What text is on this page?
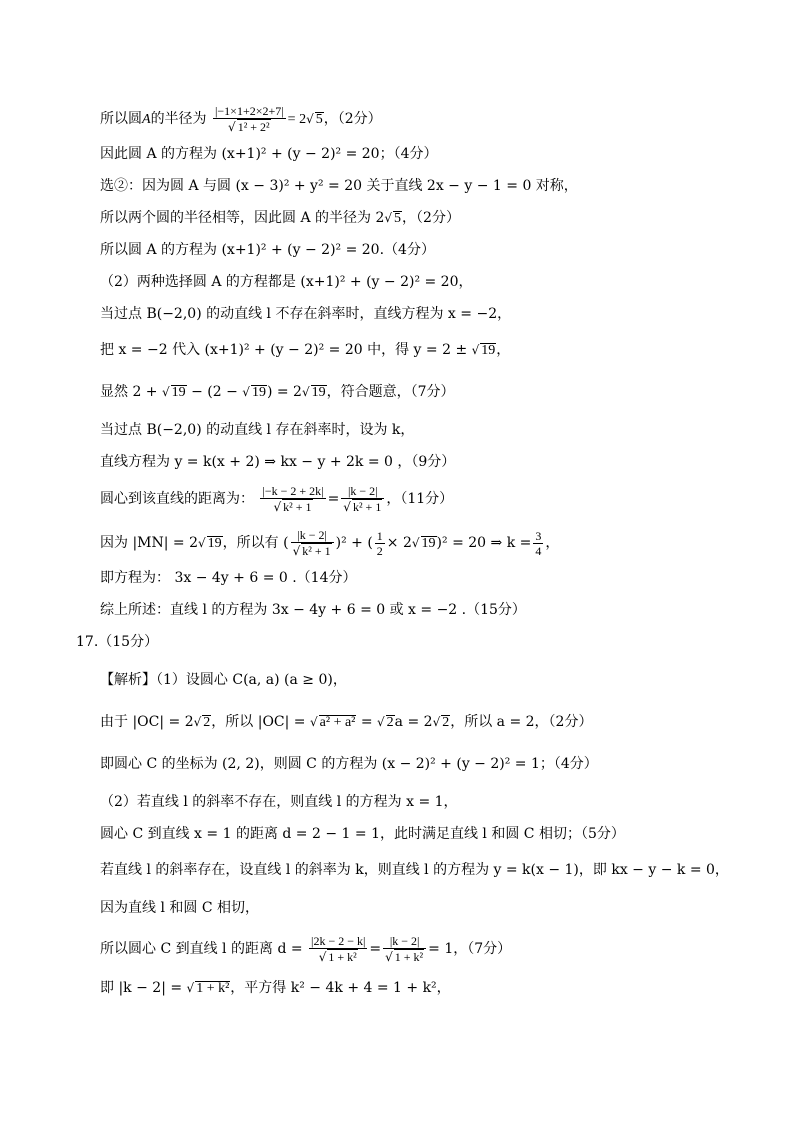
所以圆A的半径为 |−1×1+2×2+7|
√ 1² + 2² = 2√ 5，（2分）
因此圆 A 的方程为 (x+1)² + (y − 2)² = 20；（4分）
选②：因为圆 A 与圆 (x − 3)² + y² = 20 关于直线 2x − y − 1 = 0 对称，
所以两个圆的半径相等，因此圆 A 的半径为 2√ 5，（2分）
所以圆 A 的方程为 (x+1)² + (y − 2)² = 20.（4分）
（2）两种选择圆 A 的方程都是 (x+1)² + (y − 2)² = 20，
当过点 B(−2,0) 的动直线 l 不存在斜率时，直线方程为 x = −2，
把 x = −2 代入 (x+1)² + (y − 2)² = 20 中，得 y = 2 ± √ 19，
显然 2 + √ 19 − (2 − √ 19) = 2√ 19，符合题意，（7分）
当过点 B(−2,0) 的动直线 l 存在斜率时，设为 k，
直线方程为 y = k(x + 2) ⇒ kx − y + 2k = 0 ，（9分）
圆心到该直线的距离为： |−k − 2 + 2k|
√ k² + 1 = |k − 2|
√ k² + 1 ，（11分）
因为 |MN| = 2√ 19，所以有 ( |k − 2|
√ k² + 1 )² + ( $\frac{1}{2} \times 2√$ 19)² = 20 ⇒ $k = \frac{3}{4}$ ，
即方程为： 3x − 4y + 6 = 0 .（14分）
综上所述：直线 l 的方程为 3x − 4y + 6 = 0 或 x = −2 .（15分）
17.（15分）
【解析】（1）设圆心 C(a, a) (a ≥ 0)，
由于 |OC| = 2√ 2，所以 |OC| = √ a² + a² = √ 2a = 2√ 2，所以 a = 2，（2分）
即圆心 C 的坐标为 (2, 2)，则圆 C 的方程为 (x − 2)² + (y − 2)² = 1；（4分）
（2）若直线 l 的斜率不存在，则直线 l 的方程为 x = 1，
圆心 C 到直线 x = 1 的距离 d = 2 − 1 = 1，此时满足直线 l 和圆 C 相切；（5分）
若直线 l 的斜率存在，设直线 l 的斜率为 k，则直线 l 的方程为 y = k(x − 1)，即 kx − y − k = 0，
因为直线 l 和圆 C 相切，
所以圆心 C 到直线 l 的距离 d = |2k − 2 − k|
√ 1 + k² = |k − 2|
√ 1 + k² = 1，（7分）
即 |k − 2| = √ 1 + k²，平方得 k² − 4k + 4 = 1 + k²，
